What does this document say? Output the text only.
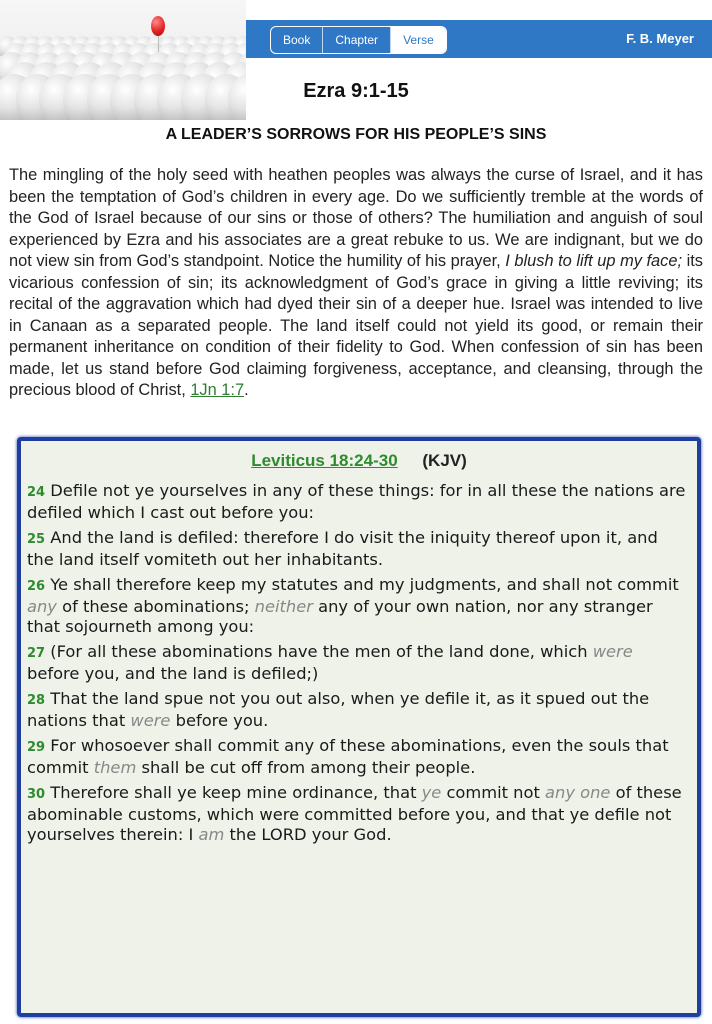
Book	Chapter	Verse	F. B. Meyer
Ezra 9:1-15
A LEADER’S SORROWS FOR HIS PEOPLE’S SINS

The mingling of the holy seed with heathen peoples was always the curse of Israel, and it has been the temptation of God’s children in every age. Do we sufficiently tremble at the words of the God of Israel because of our sins or those of others? The humiliation and anguish of soul experienced by Ezra and his associates are a great rebuke to us. We are indignant, but we do not view sin from God’s standpoint. Notice the humility of his prayer, I blush to lift up my face; its vicarious confession of sin; its acknowledgment of God’s grace in giving a little reviving; its recital of the aggravation which had dyed their sin of a deeper hue. Israel was intended to live in Canaan as a separated people. The land itself could not yield its good, or remain their permanent inheritance on condition of their fidelity to God. When confession of sin has been made, let us stand before God claiming forgiveness, acceptance, and cleansing, through the precious blood of Christ, 1Jn 1:7.

Leviticus 18:24-30 (KJV)
24 Defile not ye yourselves in any of these things: for in all these the nations are defiled which I cast out before you:
25 And the land is defiled: therefore I do visit the iniquity thereof upon it, and the land itself vomiteth out her inhabitants.
26 Ye shall therefore keep my statutes and my judgments, and shall not commit any of these abominations; neither any of your own nation, nor any stranger that sojourneth among you:
27 (For all these abominations have the men of the land done, which were before you, and the land is defiled;)
28 That the land spue not you out also, when ye defile it, as it spued out the nations that were before you.
29 For whosoever shall commit any of these abominations, even the souls that commit them shall be cut off from among their people.
30 Therefore shall ye keep mine ordinance, that ye commit not any one of these abominable customs, which were committed before you, and that ye defile not yourselves therein: I am the LORD your God.
